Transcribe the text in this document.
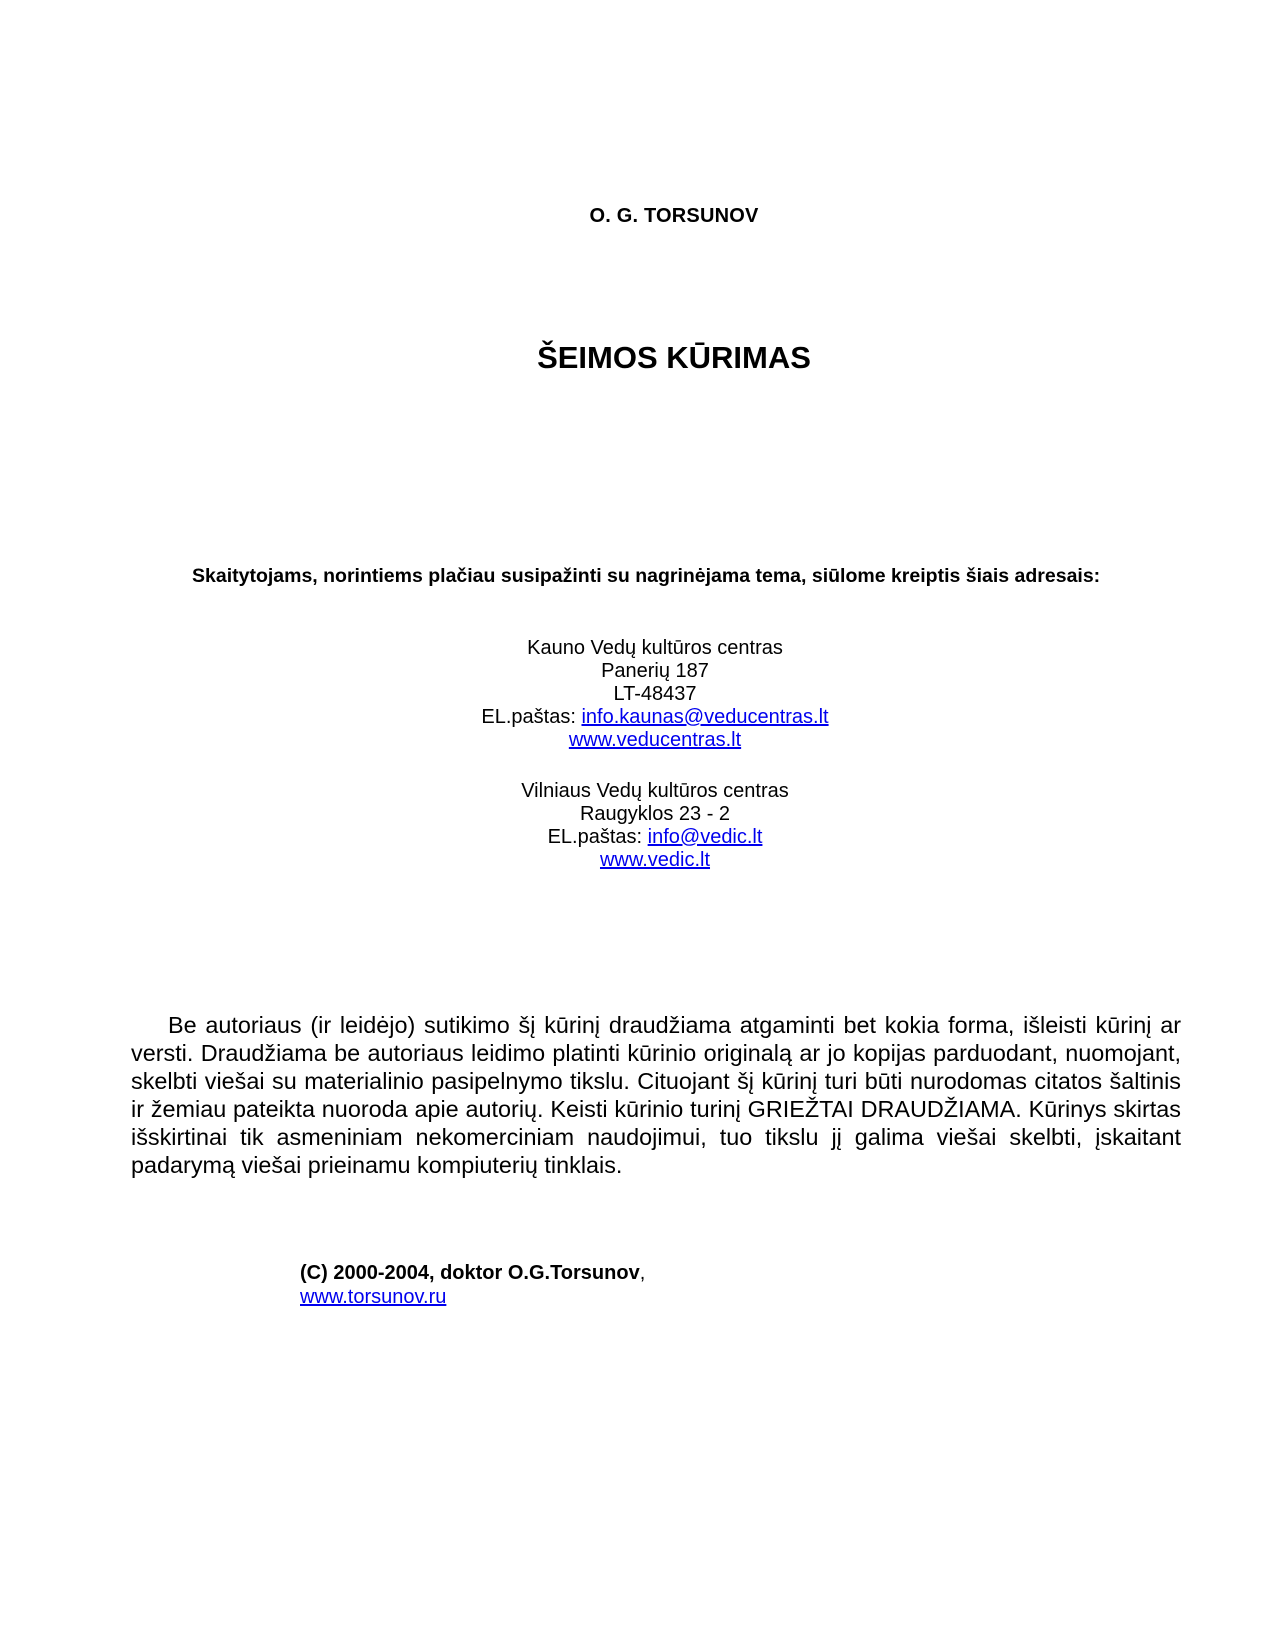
O. G. TORSUNOV
ŠEIMOS KŪRIMAS
Skaitytojams, norintiems plačiau susipažinti su nagrinėjama tema, siūlome kreiptis šiais adresais:
Kauno Vedų kultūros centras
Panerių 187
LT-48437
EL.paštas: info.kaunas@veducentras.lt
www.veducentras.lt
Vilniaus Vedų kultūros centras
Raugyklos 23 - 2
EL.paštas: info@vedic.lt
www.vedic.lt

Be autoriaus (ir leidėjo) sutikimo šį kūrinį draudžiama atgaminti bet kokia forma, išleisti kūrinį ar versti. Draudžiama be autoriaus leidimo platinti kūrinio originalą ar jo kopijas parduodant, nuomojant, skelbti viešai su materialinio pasipelnymo tikslu. Cituojant šį kūrinį turi būti nurodomas citatos šaltinis ir žemiau pateikta nuoroda apie autorių. Keisti kūrinio turinį GRIEŽTAI DRAUDŽIAMA. Kūrinys skirtas išskirtinai tik asmeniniam nekomerciniam naudojimui, tuo tikslu jį galima viešai skelbti, įskaitant padarymą viešai prieinamu kompiuterių tinklais.

(C) 2000-2004, doktor O.G.Torsunov,
www.torsunov.ru
